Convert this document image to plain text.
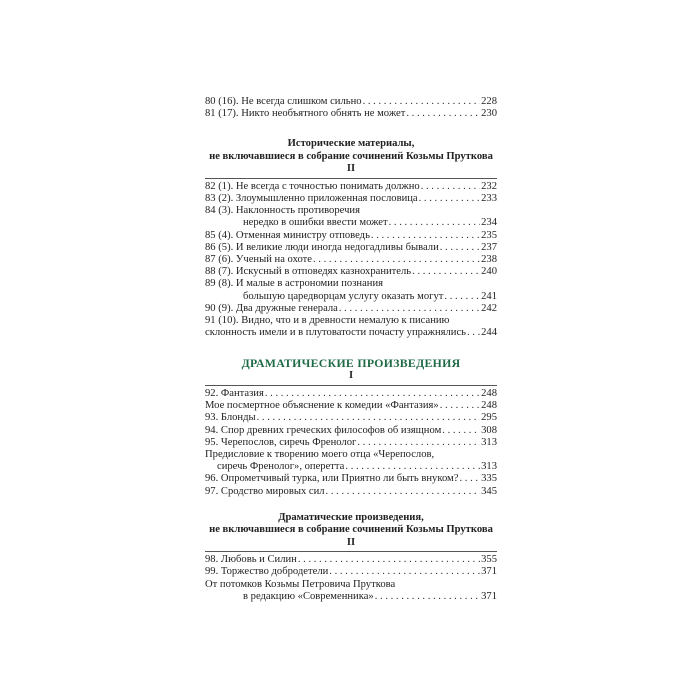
80 (16). Не всегда слишком сильно . . .	228
81 (17). Никто необъятного обнять не может . . .	230
Исторические материалы,
не включавшиеся в собрание сочинений Козьмы Пруткова
II
82 (1). Не всегда с точностью понимать должно . . .	232
83 (2). Злоумышленно приложенная пословица . . .	233
84 (3). Наклонность противоречия
нередко в ошибки ввести может . . .	234
85 (4). Отменная министру отповедь . . .	235
86 (5). И великие люди иногда недогадливы бывали . . .	237
87 (6). Ученый на охоте . . .	238
88 (7). Искусный в отповедях казнохранитель . . .	240
89 (8). И малые в астрономии познания
большую царедворцам услугу оказать могут . . .	241
90 (9). Два дружные генерала . . .	242
91 (10). Видно, что и в древности немалую к писанию
склонность имели и в плутоватости почасту упражнялись . . . 244
ДРАМАТИЧЕСКИЕ ПРОИЗВЕДЕНИЯ
I
92. Фантазия . . .	248
Мое посмертное объяснение к комедии «Фантазия» . . .	248
93. Блонды . . .	295
94. Спор древних греческих философов об изящном . . .	308
95. Черепослов, сиречь Френолог . . .	313
Предисловие к творению моего отца «Черепослов,
сиречь Френолог», оперетта . . .	313
96. Опрометчивый турка, или Приятно ли быть внуком? . . . 335
97. Сродство мировых сил . . .	345
Драматические произведения,
не включавшиеся в собрание сочинений Козьмы Пруткова
II
98. Любовь и Силин . . .	355
99. Торжество добродетели . . .	371
От потомков Козьмы Петровича Пруткова
в редакцию «Современника» . . .	371
